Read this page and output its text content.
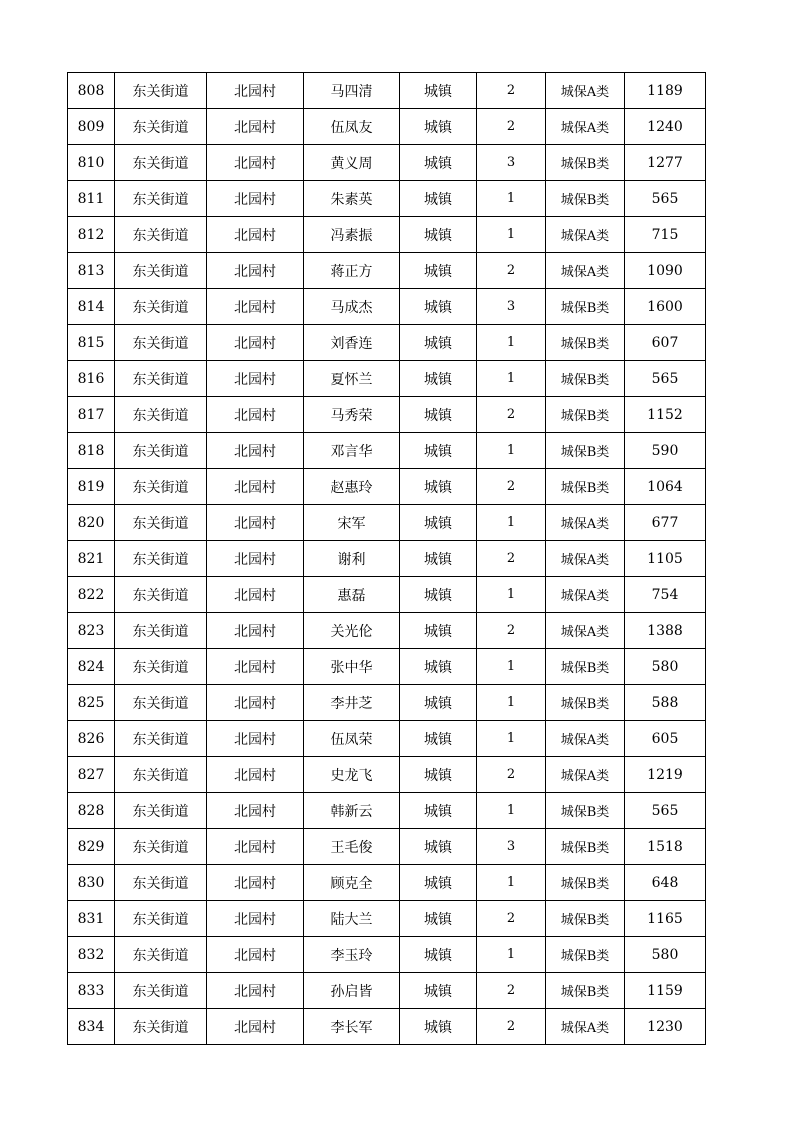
808	东关街道	北园村	马四清	城镇	2	城保A类	1189
809	东关街道	北园村	伍凤友	城镇	2	城保A类	1240
810	东关街道	北园村	黄义周	城镇	3	城保B类	1277
811	东关街道	北园村	朱素英	城镇	1	城保B类	565
812	东关街道	北园村	冯素振	城镇	1	城保A类	715
813	东关街道	北园村	蒋正方	城镇	2	城保A类	1090
814	东关街道	北园村	马成杰	城镇	3	城保B类	1600
815	东关街道	北园村	刘香连	城镇	1	城保B类	607
816	东关街道	北园村	夏怀兰	城镇	1	城保B类	565
817	东关街道	北园村	马秀荣	城镇	2	城保B类	1152
818	东关街道	北园村	邓言华	城镇	1	城保B类	590
819	东关街道	北园村	赵惠玲	城镇	2	城保B类	1064
820	东关街道	北园村	宋军	城镇	1	城保A类	677
821	东关街道	北园村	谢利	城镇	2	城保A类	1105
822	东关街道	北园村	惠磊	城镇	1	城保A类	754
823	东关街道	北园村	关光伦	城镇	2	城保A类	1388
824	东关街道	北园村	张中华	城镇	1	城保B类	580
825	东关街道	北园村	李井芝	城镇	1	城保B类	588
826	东关街道	北园村	伍凤荣	城镇	1	城保A类	605
827	东关街道	北园村	史龙飞	城镇	2	城保A类	1219
828	东关街道	北园村	韩新云	城镇	1	城保B类	565
829	东关街道	北园村	王毛俊	城镇	3	城保B类	1518
830	东关街道	北园村	顾克全	城镇	1	城保B类	648
831	东关街道	北园村	陆大兰	城镇	2	城保B类	1165
832	东关街道	北园村	李玉玲	城镇	1	城保B类	580
833	东关街道	北园村	孙启皆	城镇	2	城保B类	1159
834	东关街道	北园村	李长军	城镇	2	城保A类	1230
